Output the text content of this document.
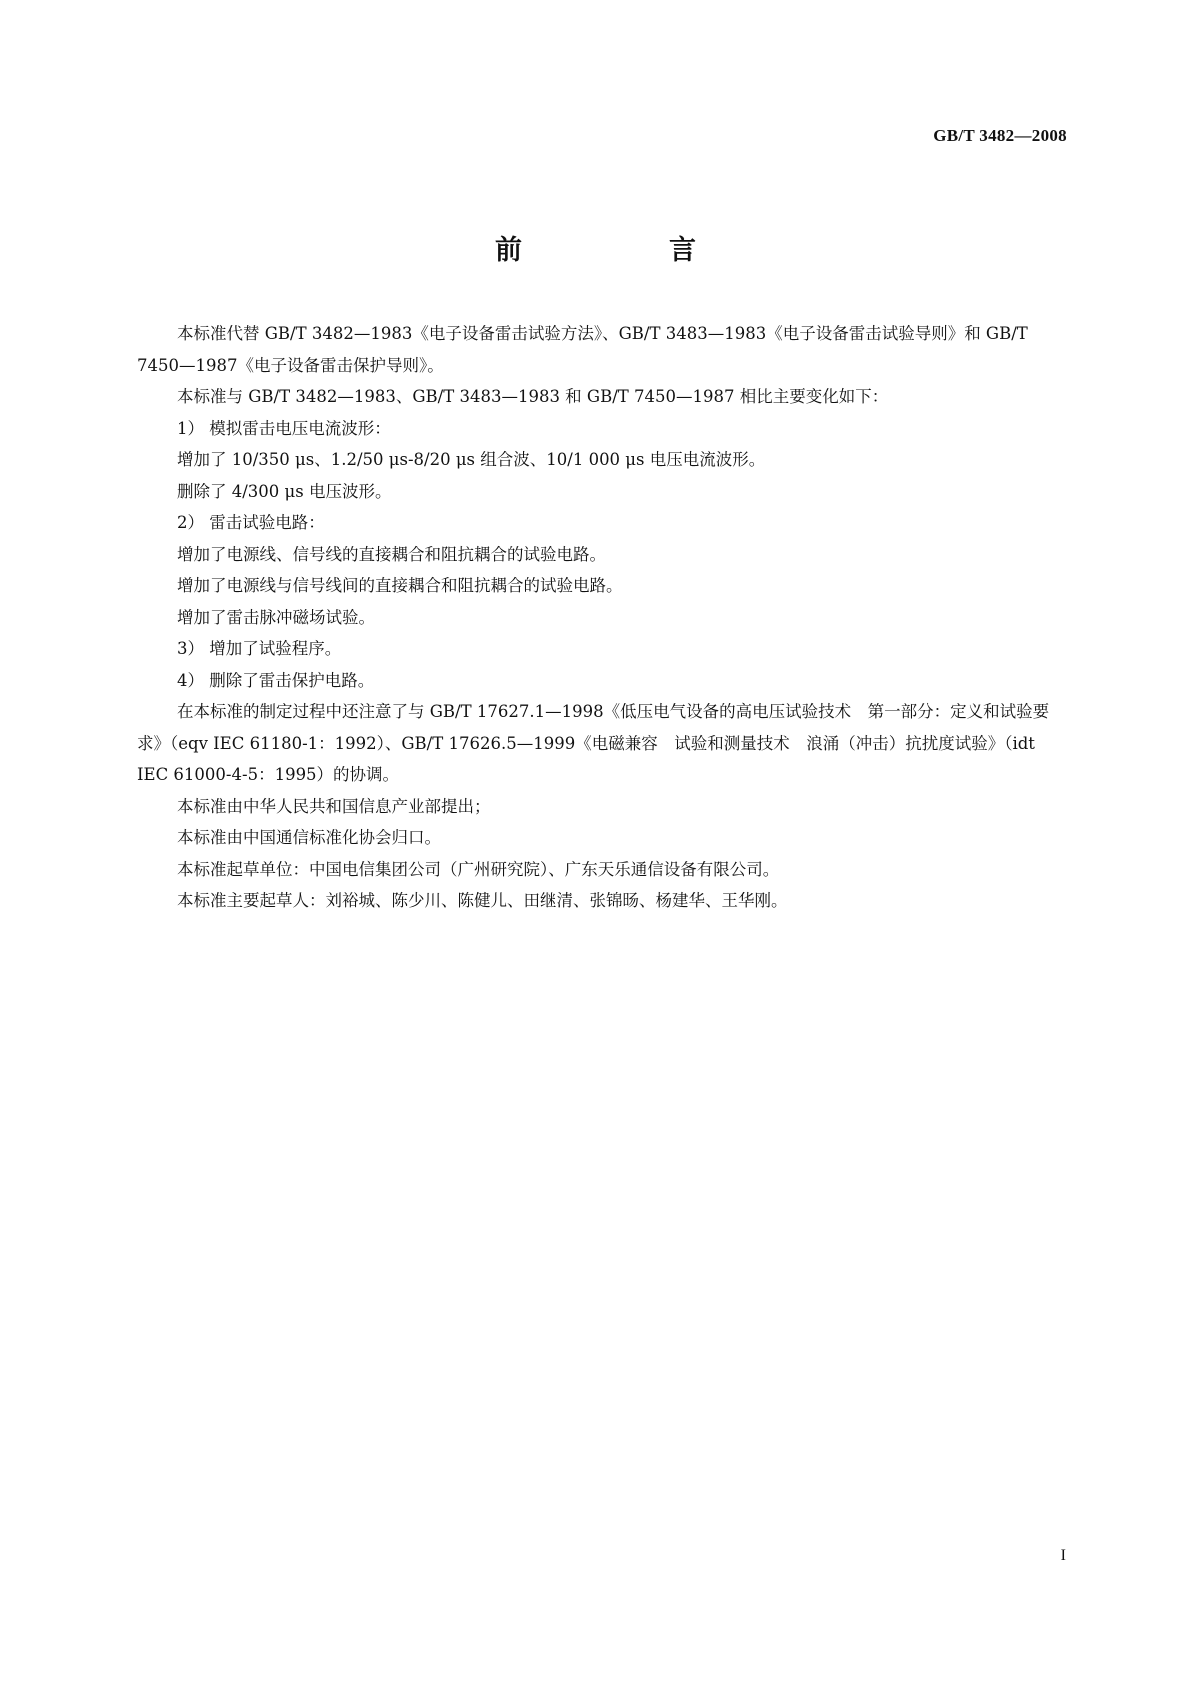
GB/T 3482—2008
前　言

本标准代替 GB/T 3482—1983《电子设备雷击试验方法》、GB/T 3483—1983《电子设备雷击试验导则》和 GB/T 7450—1987《电子设备雷击保护导则》。

本标准与 GB/T 3482—1983、GB/T 3483—1983 和 GB/T 7450—1987 相比主要变化如下：

1） 模拟雷击电压电流波形：

增加了 10/350 μs、1.2/50 μs-8/20 μs 组合波、10/1 000 μs 电压电流波形。

删除了 4/300 μs 电压波形。

2） 雷击试验电路：

增加了电源线、信号线的直接耦合和阻抗耦合的试验电路。

增加了电源线与信号线间的直接耦合和阻抗耦合的试验电路。

增加了雷击脉冲磁场试验。

3） 增加了试验程序。

4） 删除了雷击保护电路。

在本标准的制定过程中还注意了与 GB/T 17627.1—1998《低压电气设备的高电压试验技术　第一部分：定义和试验要求》（eqv IEC 61180-1：1992）、GB/T 17626.5—1999《电磁兼容　试验和测量技术　浪涌（冲击）抗扰度试验》（idt IEC 61000-4-5：1995）的协调。

本标准由中华人民共和国信息产业部提出；

本标准由中国通信标准化协会归口。

本标准起草单位：中国电信集团公司（广州研究院）、广东天乐通信设备有限公司。

本标准主要起草人：刘裕城、陈少川、陈健儿、田继清、张锦旸、杨建华、王华刚。

I
